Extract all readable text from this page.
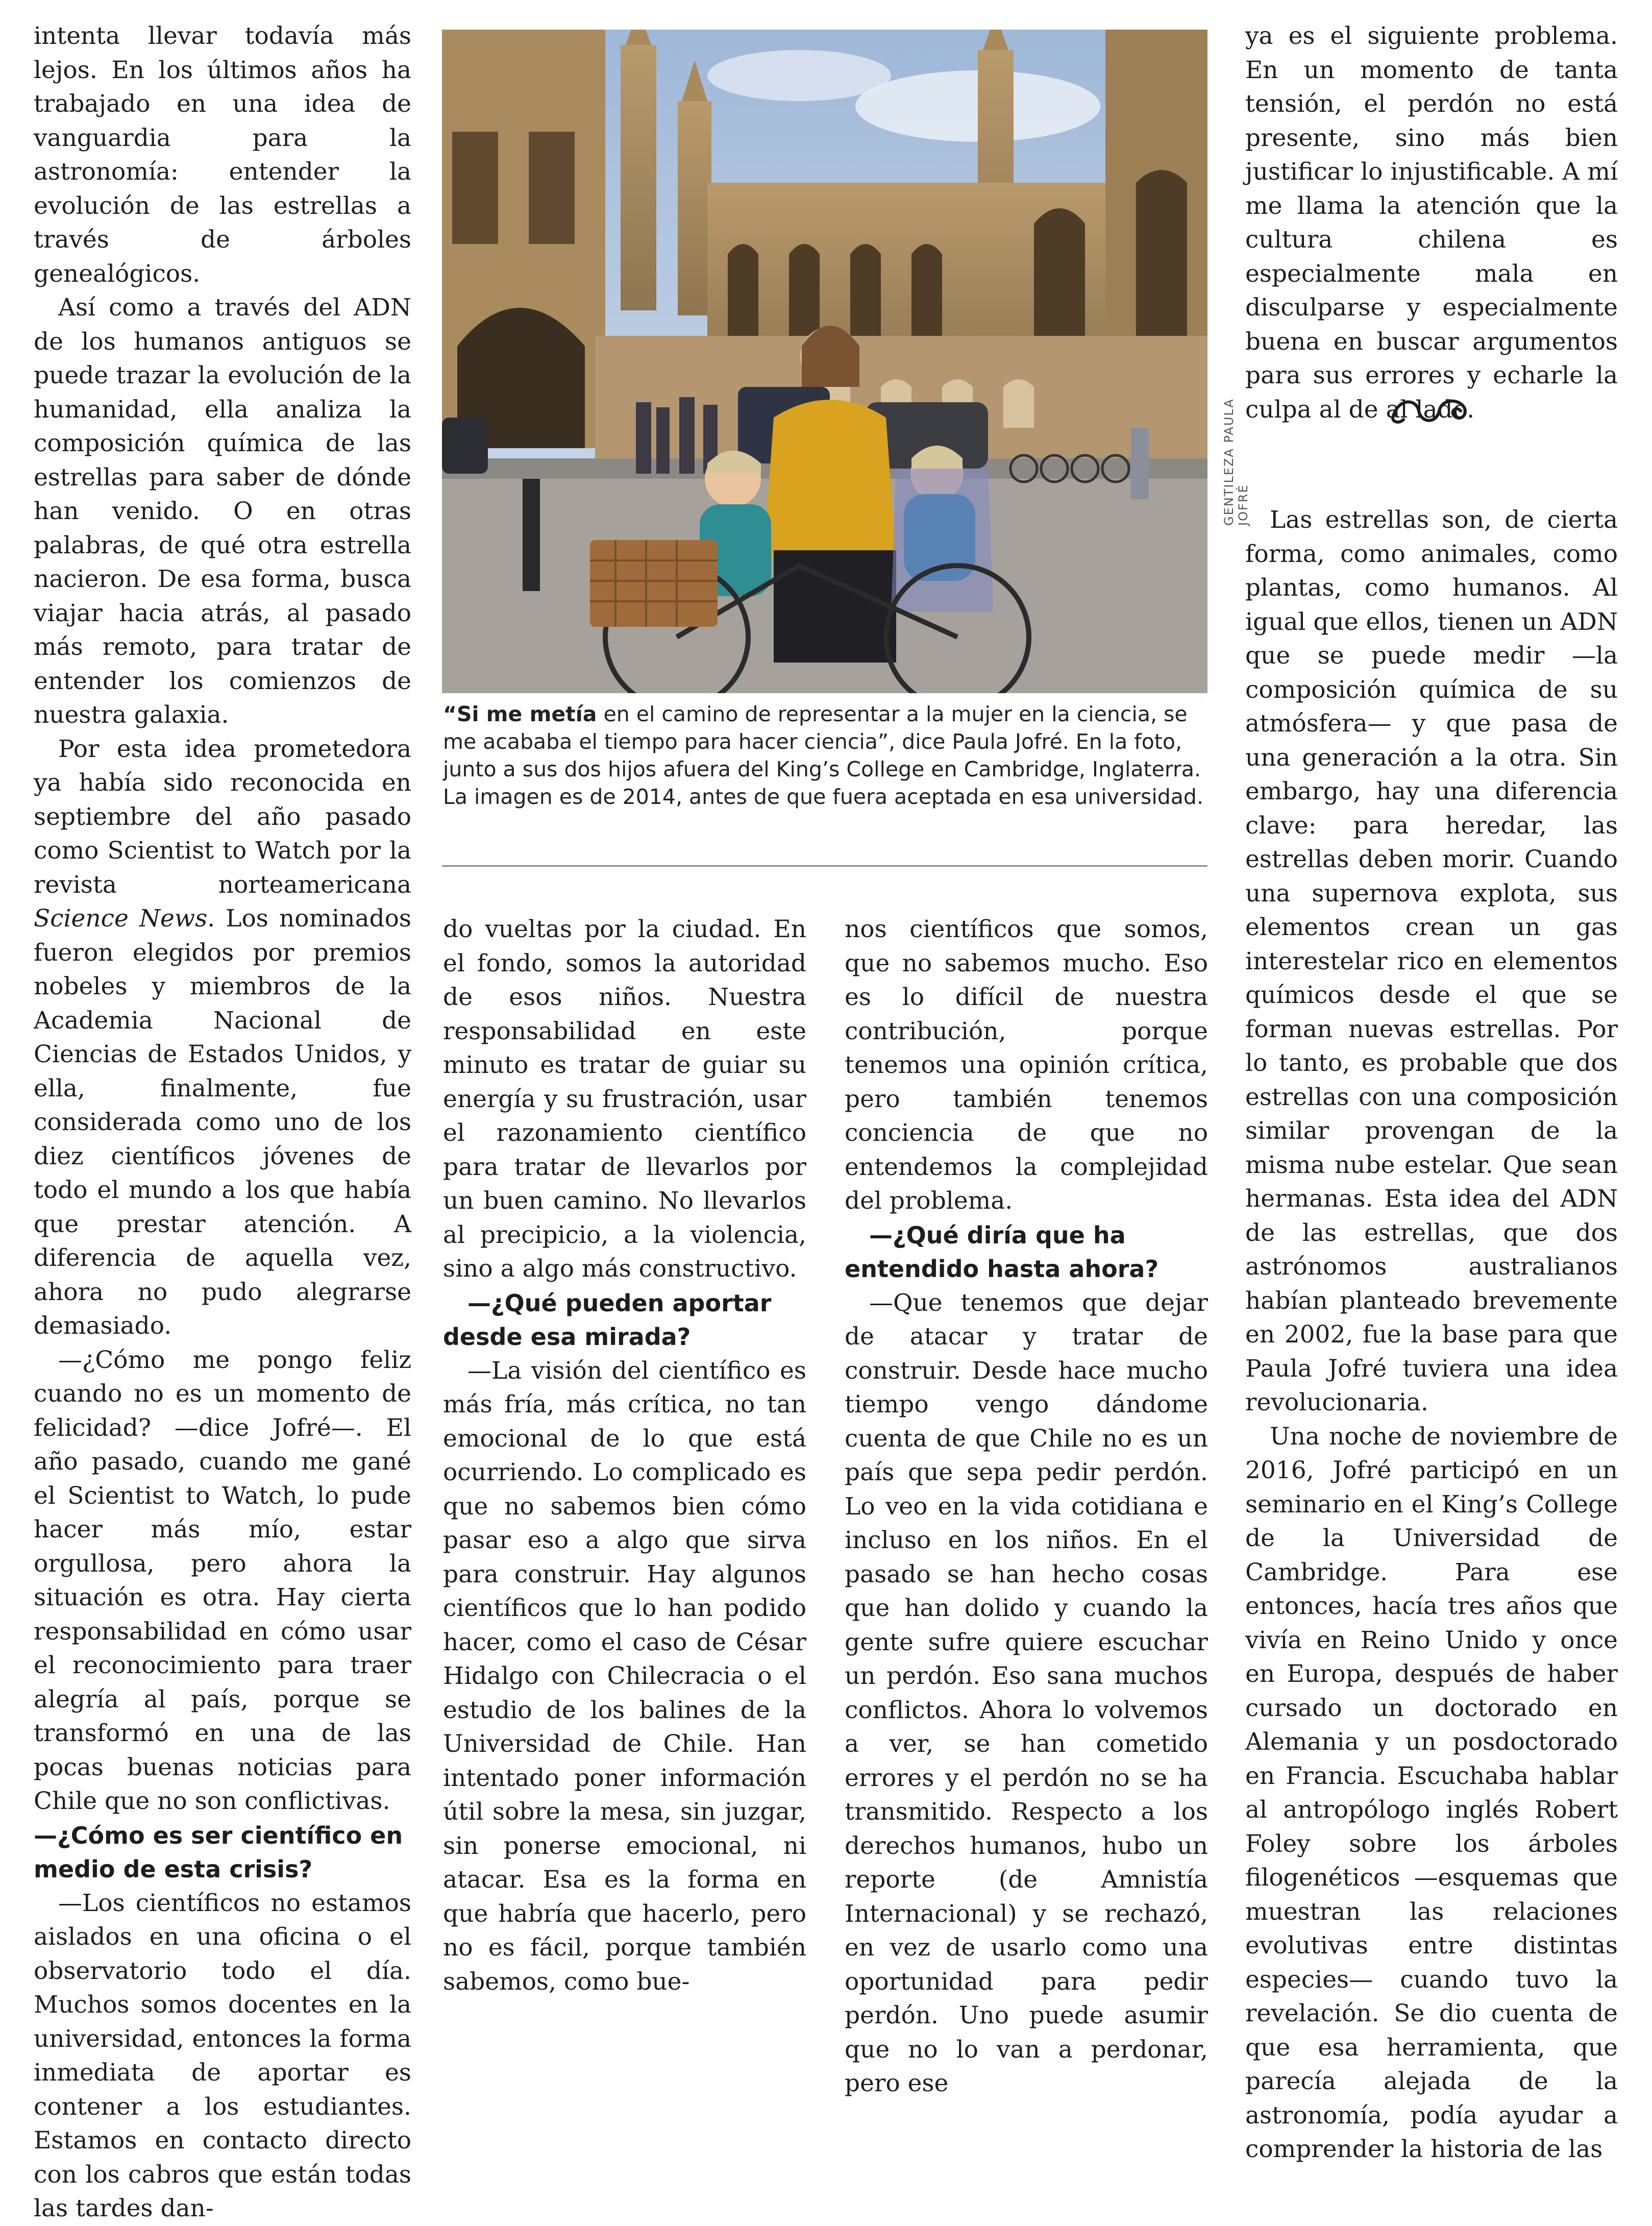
intenta llevar todavía más lejos. En los últimos años ha trabajado en una idea de vanguardia para la astronomía: entender la evolución de las estrellas a través de árboles genealógicos.

Así como a través del ADN de los humanos antiguos se puede trazar la evolución de la humanidad, ella analiza la composición química de las estrellas para saber de dónde han venido. O en otras palabras, de qué otra estrella nacieron. De esa forma, busca viajar hacia atrás, al pasado más remoto, para tratar de entender los comienzos de nuestra galaxia.

Por esta idea prometedora ya había sido reconocida en septiembre del año pasado como Scientist to Watch por la revista norteamericana Science News. Los nominados fueron elegidos por premios nobeles y miembros de la Academia Nacional de Ciencias de Estados Unidos, y ella, finalmente, fue considerada como uno de los diez científicos jóvenes de todo el mundo a los que había que prestar atención. A diferencia de aquella vez, ahora no pudo alegrarse demasiado.

—¿Cómo me pongo feliz cuando no es un momento de felicidad? —dice Jofré—. El año pasado, cuando me gané el Scientist to Watch, lo pude hacer más mío, estar orgullosa, pero ahora la situación es otra. Hay cierta responsabilidad en cómo usar el reconocimiento para traer alegría al país, porque se transformó en una de las pocas buenas noticias para Chile que no son conflictivas.

—¿Cómo es ser científico en medio de esta crisis?

—Los científicos no estamos aislados en una oficina o el observatorio todo el día. Muchos somos docentes en la universidad, entonces la forma inmediata de aportar es contener a los estudiantes. Estamos en contacto directo con los cabros que están todas las tardes dan-

GENTILEZA PAULA JOFRÉ
“Si me metía en el camino de representar a la mujer en la ciencia, se me acababa el tiempo para hacer ciencia”, dice Paula Jofré. En la foto, junto a sus dos hijos afuera del King’s College en Cambridge, Inglaterra. La imagen es de 2014, antes de que fuera aceptada en esa universidad.

do vueltas por la ciudad. En el fondo, somos la autoridad de esos niños. Nuestra responsabilidad en este minuto es tratar de guiar su energía y su frustración, usar el razonamiento científico para tratar de llevarlos por un buen camino. No llevarlos al precipicio, a la violencia, sino a algo más constructivo.

—¿Qué pueden aportar desde esa mirada?

—La visión del científico es más fría, más crítica, no tan emocional de lo que está ocurriendo. Lo complicado es que no sabemos bien cómo pasar eso a algo que sirva para construir. Hay algunos científicos que lo han podido hacer, como el caso de César Hidalgo con Chilecracia o el estudio de los balines de la Universidad de Chile. Han intentado poner información útil sobre la mesa, sin juzgar, sin ponerse emocional, ni atacar. Esa es la forma en que habría que hacerlo, pero no es fácil, porque también sabemos, como bue-

nos científicos que somos, que no sabemos mucho. Eso es lo difícil de nuestra contribución, porque tenemos una opinión crítica, pero también tenemos conciencia de que no entendemos la complejidad del problema.

—¿Qué diría que ha entendido hasta ahora?

—Que tenemos que dejar de atacar y tratar de construir. Desde hace mucho tiempo vengo dándome cuenta de que Chile no es un país que sepa pedir perdón. Lo veo en la vida cotidiana e incluso en los niños. En el pasado se han hecho cosas que han dolido y cuando la gente sufre quiere escuchar un perdón. Eso sana muchos conflictos. Ahora lo volvemos a ver, se han cometido errores y el perdón no se ha transmitido. Respecto a los derechos humanos, hubo un reporte (de Amnistía Internacional) y se rechazó, en vez de usarlo como una oportunidad para pedir perdón. Uno puede asumir que no lo van a perdonar, pero ese

ya es el siguiente problema. En un momento de tanta tensión, el perdón no está presente, sino más bien justificar lo injustificable. A mí me llama la atención que la cultura chilena es especialmente mala en disculparse y especialmente buena en buscar argumentos para sus errores y echarle la culpa al de al lado.

Las estrellas son, de cierta forma, como animales, como plantas, como humanos. Al igual que ellos, tienen un ADN que se puede medir —la composición química de su atmósfera— y que pasa de una generación a la otra. Sin embargo, hay una diferencia clave: para heredar, las estrellas deben morir. Cuando una supernova explota, sus elementos crean un gas interestelar rico en elementos químicos desde el que se forman nuevas estrellas. Por lo tanto, es probable que dos estrellas con una composición similar provengan de la misma nube estelar. Que sean hermanas. Esta idea del ADN de las estrellas, que dos astrónomos australianos habían planteado brevemente en 2002, fue la base para que Paula Jofré tuviera una idea revolucionaria.

Una noche de noviembre de 2016, Jofré participó en un seminario en el King’s College de la Universidad de Cambridge. Para ese entonces, hacía tres años que vivía en Reino Unido y once en Europa, después de haber cursado un doctorado en Alemania y un posdoctorado en Francia. Escuchaba hablar al antropólogo inglés Robert Foley sobre los árboles filogenéticos —esquemas que muestran las relaciones evolutivas entre distintas especies— cuando tuvo la revelación. Se dio cuenta de que esa herramienta, que parecía alejada de la astronomía, podía ayudar a comprender la historia de las
